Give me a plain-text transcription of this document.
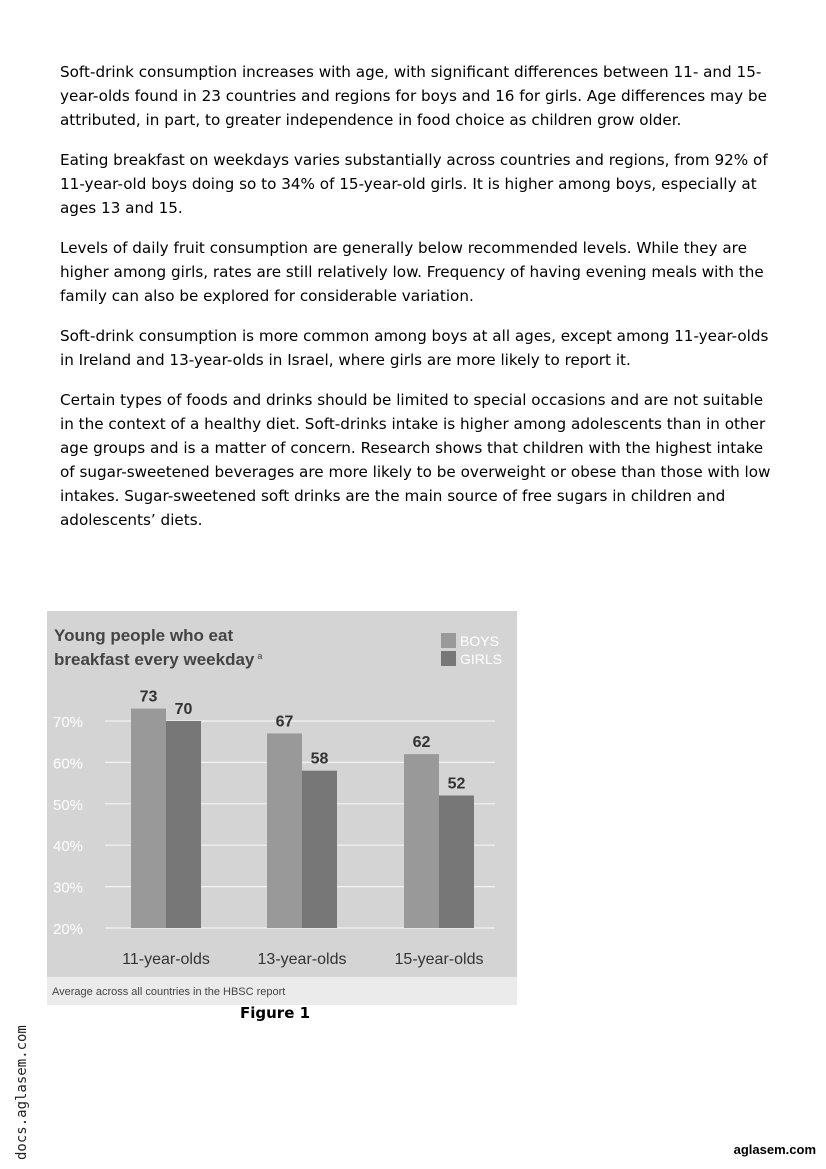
Soft-drink consumption increases with age, with significant differences between 11- and 15-year-olds found in 23 countries and regions for boys and 16 for girls. Age differences may be attributed, in part, to greater independence in food choice as children grow older.

Eating breakfast on weekdays varies substantially across countries and regions, from 92% of 11-year-old boys doing so to 34% of 15-year-old girls. It is higher among boys, especially at ages 13 and 15.

Levels of daily fruit consumption are generally below recommended levels. While they are higher among girls, rates are still relatively low. Frequency of having evening meals with the family can also be explored for considerable variation.

Soft-drink consumption is more common among boys at all ages, except among 11-year-olds in Ireland and 13-year-olds in Israel, where girls are more likely to report it.

Certain types of foods and drinks should be limited to special occasions and are not suitable in the context of a healthy diet. Soft-drinks intake is higher among adolescents than in other age groups and is a matter of concern. Research shows that children with the highest intake of sugar-sweetened beverages are more likely to be overweight or obese than those with low intakes. Sugar-sweetened soft drinks are the main source of free sugars in children and adolescents’ diets.

20%
30%
40%
50%
60%
70%
73
70
67
58
62
52
11-year-olds	13-year-olds	15-year-olds
Young people who eat
breakfast every weekday $^a$
BOYS
GIRLS
Average across all countries in the HBSC report
Figure 1
docs.aglasem.com	aglasem.com
